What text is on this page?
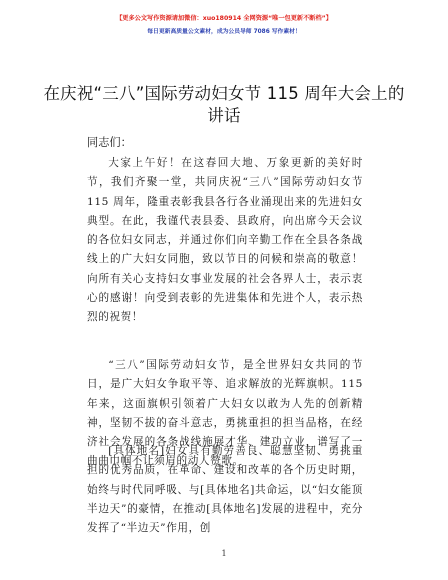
【更多公文写作资源请加微信：xuo180914 全网资源“唯一包更新不断档”】
每日更新高质量公文素材，成为公员导师 7086 写作素材！
在庆祝“三八”国际劳动妇女节 115 周年大会上的讲话
同志们：

大家上午好！在这春回大地、万象更新的美好时节，我们齐聚一堂，共同庆祝“三八”国际劳动妇女节 115 周年，隆重表彰我县各行各业涌现出来的先进妇女典型。在此，我谨代表县委、县政府，向出席今天会议的各位妇女同志，并通过你们向辛勤工作在全县各条战线上的广大妇女同胞，致以节日的问候和崇高的敬意！向所有关心支持妇女事业发展的社会各界人士，表示衷心的感谢！向受到表彰的先进集体和先进个人，表示热烈的祝贺！

“三八”国际劳动妇女节，是全世界妇女共同的节日，是广大妇女争取平等、追求解放的光辉旗帜。115 年来，这面旗帜引领着广大妇女以敢为人先的创新精神，坚韧不拔的奋斗意志，勇挑重担的担当品格，在经济社会发展的各条战线施展才华、建功立业，谱写了一曲曲巾帼不让须眉的动人赞歌。

[具体地名]妇女具有勤劳善良、聪慧坚韧、勇挑重担的优秀品质，在革命、建设和改革的各个历史时期，始终与时代同呼吸、与[具体地名]共命运，以“妇女能顶半边天”的豪情，在推动[具体地名]发展的进程中，充分发挥了“半边天”作用，创

1
